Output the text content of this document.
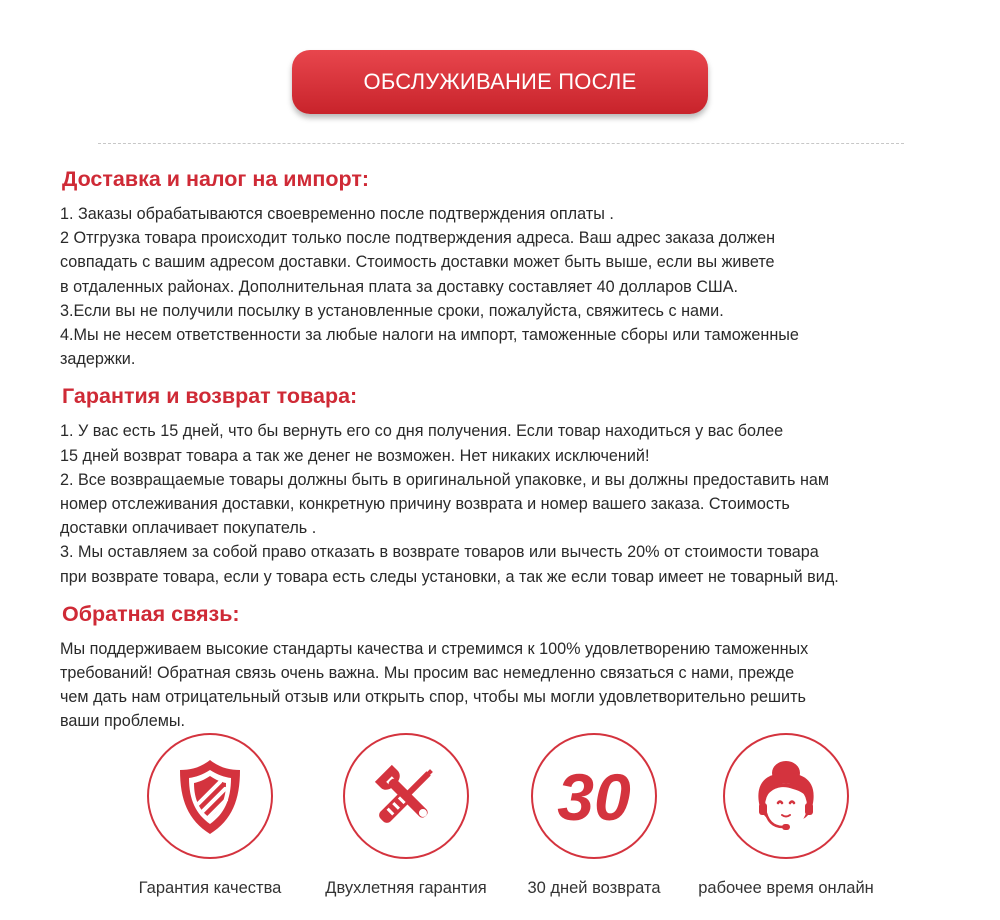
ОБСЛУЖИВАНИЕ ПОСЛЕ ПРОДАЖИ
Доставка и налог на импорт:

1. Заказы обрабатываются своевременно после подтверждения оплаты .

2 Отгрузка товара происходит только после подтверждения адреса. Ваш адрес заказа должен

совпадать с вашим адресом доставки. Стоимость доставки может быть выше, если вы живете

в отдаленных районах. Дополнительная плата за доставку составляет 40 долларов США.

3.Если вы не получили посылку в установленные сроки, пожалуйста, свяжитесь с нами.

4.Мы не несем ответственности за любые налоги на импорт, таможенные сборы или таможенные

задержки.

Гарантия и возврат товара:

1. У вас есть 15 дней, что бы вернуть его со дня получения. Если товар находиться у вас более

15 дней возврат товара а так же денег не возможен. Нет никаких исключений!

2. Все возвращаемые товары должны быть в оригинальной упаковке, и вы должны предоставить нам

номер отслеживания доставки, конкретную причину возврата и номер вашего заказа. Стоимость

доставки оплачивает покупатель .

3. Мы оставляем за собой право отказать в возврате товаров или вычесть 20% от стоимости товара

при возврате товара, если у товара есть следы установки, а так же если товар имеет не товарный вид.

Обратная связь:

Мы поддерживаем высокие стандарты качества и стремимся к 100% удовлетворению таможенных

требований! Обратная связь очень важна. Мы просим вас немедленно связаться с нами, прежде

чем дать нам отрицательный отзыв или открыть спор, чтобы мы могли удовлетворительно решить

ваши проблемы.

Гарантия качества	Двухлетняя гарантия
30
30 дней возврата	рабочее время онлайн
